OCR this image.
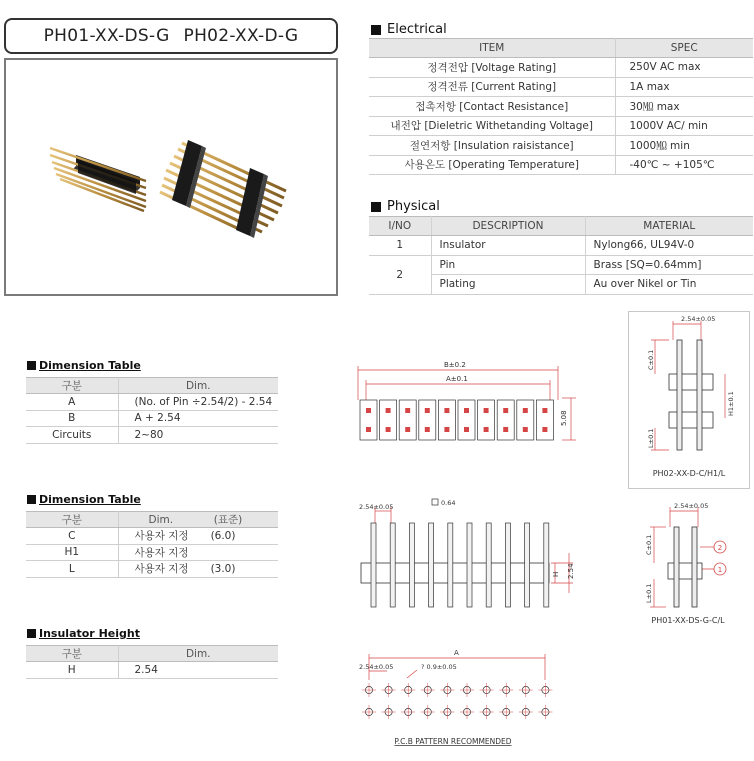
PH01-XX-DS-G PH02-XX-D-G	Electrical
ITEM	SPEC
정격전압 [Voltage Rating]	250V AC max
정격전류 [Current Rating]	1A max
접촉저항 [Contact Resistance]	30㏁ max
내전압 [Dieletric Withetanding Voltage]	1000V AC/ min
절연저항 [Insulation raisistance]	1000㏁ min
사용온도 [Operating Temperature]	-40℃ ~ +105℃
Physical
I/NO	DESCRIPTION	MATERIAL
1	Insulator	Nylong66, UL94V-0
2	Pin	Brass [SQ=0.64mm]
	Plating	Au over Nikel or Tin
Dimension Table
구분	Dim.
A	(No. of Pin ÷2.54/2) - 2.54
B	A + 2.54
Circuits	2~80
Dimension Table
구분	Dim. (표준)
C	사용자 지정 (6.0)
H1	사용자 지정
L	사용자 지정 (3.0)
Insulator Height
구분	Dim.
H	2.54
B±0.2
A±0.1
5.08
2.54±0.05
C±0.1
H1±0.1
L±0.1
PH02-XX-D-C/H1/L
2.54±0.05	0.64
H 2.54
2
1
2.54±0.05
C±0.1
L±0.1
PH01-XX-DS-G-C/L
A
2.54±0.05	? 0.9±0.05
P.C.B PATTERN RECOMMENDED
